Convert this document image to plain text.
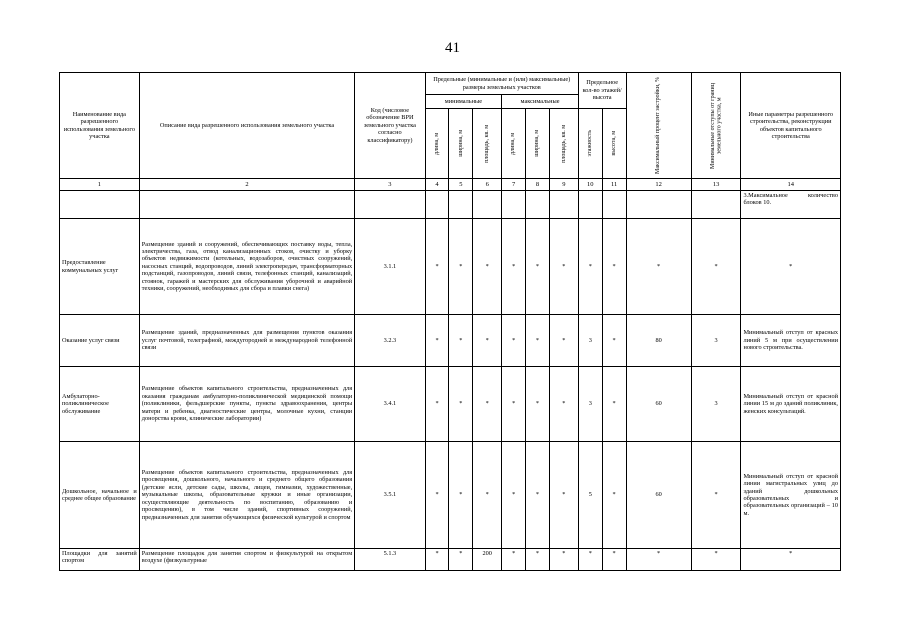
41
Наименование вида разрешенного использования земельного участка	Описание вида разрешенного использования земельного участка	Код (числовое обозначение ВРИ земельного участка согласно классификатору)	Предельные (минимальные и (или) максимальные) размеры земельных участков						Предельное кол-во этажей/ высота		Максимальный процент застройки, %	Минимальные отступы от границ земельного участка, м	Иные параметры разрешенного строительства, реконструкции объектов капитального строительства
			минимальные			максимальные							

			длина, м	ширина, м	площадь, кв. м	длина, м	ширина, м	площадь, кв. м	этажность	высота, м			

1	2	3	4	5	6	7	8	9	10	11	12	13	14
													3.Максимальное количество блоков 10.
Предоставление коммунальных услуг	Размещение зданий и сооружений, обеспечивающих поставку воды, тепла, электричества, газа, отвод канализационных стоков, очистку и уборку объектов недвижимости (котельных, водозаборов, очистных сооружений, насосных станций, водопроводов, линий электропередач, трансформаторных подстанций, газопроводов, линий связи, телефонных станций, канализаций, стоянок, гаражей и мастерских для обслуживания уборочной и аварийной техники, сооружений, необходимых для сбора и плавки снега)	3.1.1	*	*	*	*	*	*	*	*	*	*	*
Оказание услуг связи	Размещение зданий, предназначенных для размещения пунктов оказания услуг почтовой, телеграфной, междугородней и международной телефонной связи	3.2.3	*	*	*	*	*	*	3	*	80	3	Минимальный отступ от красных линий 5 м при осуществлении нового строительства.
Амбулаторно-поликлиническое обслуживание	Размещение объектов капитального строительства, предназначенных для оказания гражданам амбулаторно-поликлинической медицинской помощи (поликлиники, фельдшерские пункты, пункты здравоохранения, центры матери и ребенка, диагностические центры, молочные кухни, станции донорства крови, клинические лаборатории)	3.4.1	*	*	*	*	*	*	3	*	60	3	Минимальный отступ от красной линии 15 м до зданий поликлиник, женских консультаций.
Дошкольное, начальное и среднее общее образование	Размещение объектов капитального строительства, предназначенных для просвещения, дошкольного, начального и среднего общего образования (детские ясли, детские сады, школы, лицеи, гимназии, художественные, музыкальные школы, образовательные кружки и иные организации, осуществляющие деятельность по воспитанию, образованию и просвещению), в том числе зданий, спортивных сооружений, предназначенных для занятия обучающихся физической культурой и спортом	3.5.1	*	*	*	*	*	*	5	*	60	*	Минимальный отступ от красной линии магистральных улиц до зданий дошкольных образовательных и образовательных организаций – 10 м.
Площадки для занятий спортом	Размещение площадок для занятия спортом и физкультурой на открытом воздухе (физкультурные	5.1.3	*	*	200	*	*	*	*	*	*	*	*
